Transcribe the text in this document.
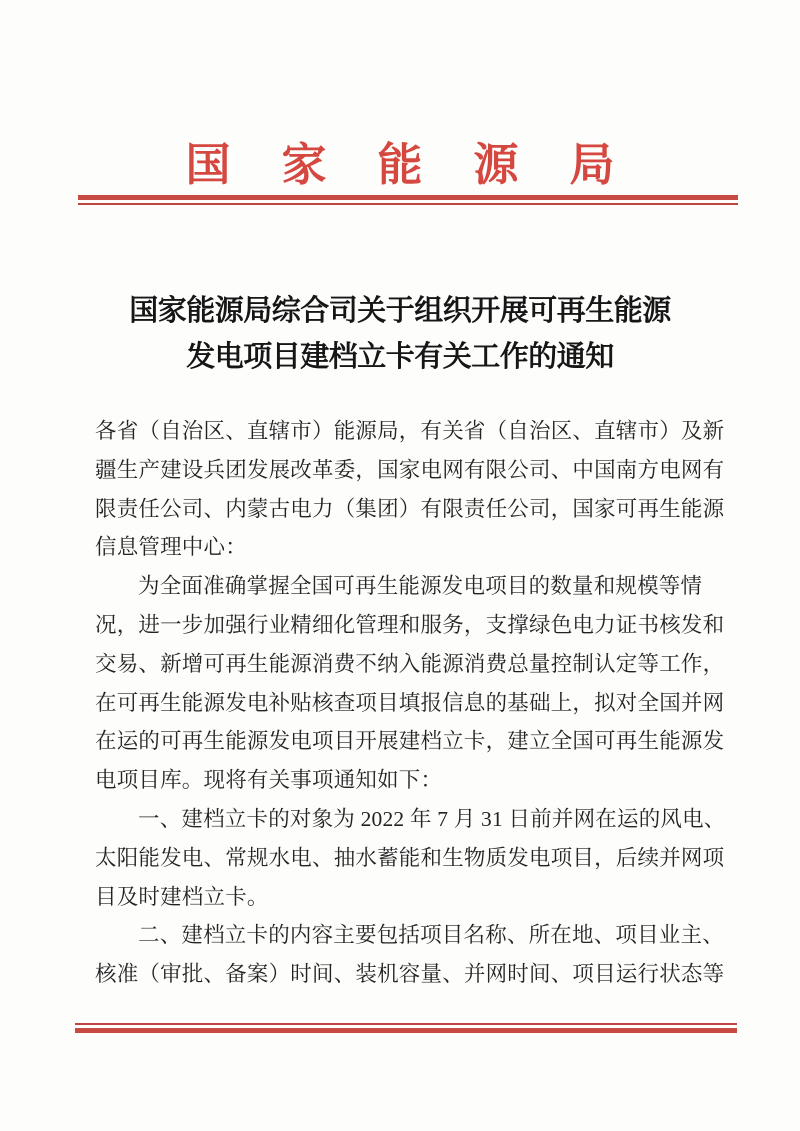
国家能源局
国家能源局综合司关于组织开展可再生能源
发电项目建档立卡有关工作的通知
各省（自治区、直辖市）能源局，有关省（自治区、直辖市）及新
疆生产建设兵团发展改革委，国家电网有限公司、中国南方电网有
限责任公司、内蒙古电力（集团）有限责任公司，国家可再生能源
信息管理中心：
为全面准确掌握全国可再生能源发电项目的数量和规模等情
况，进一步加强行业精细化管理和服务，支撑绿色电力证书核发和
交易、新增可再生能源消费不纳入能源消费总量控制认定等工作，
在可再生能源发电补贴核查项目填报信息的基础上，拟对全国并网
在运的可再生能源发电项目开展建档立卡，建立全国可再生能源发
电项目库。现将有关事项通知如下：
一、建档立卡的对象为 2022 年 7 月 31 日前并网在运的风电、
太阳能发电、常规水电、抽水蓄能和生物质发电项目，后续并网项
目及时建档立卡。
二、建档立卡的内容主要包括项目名称、所在地、项目业主、
核准（审批、备案）时间、装机容量、并网时间、项目运行状态等
